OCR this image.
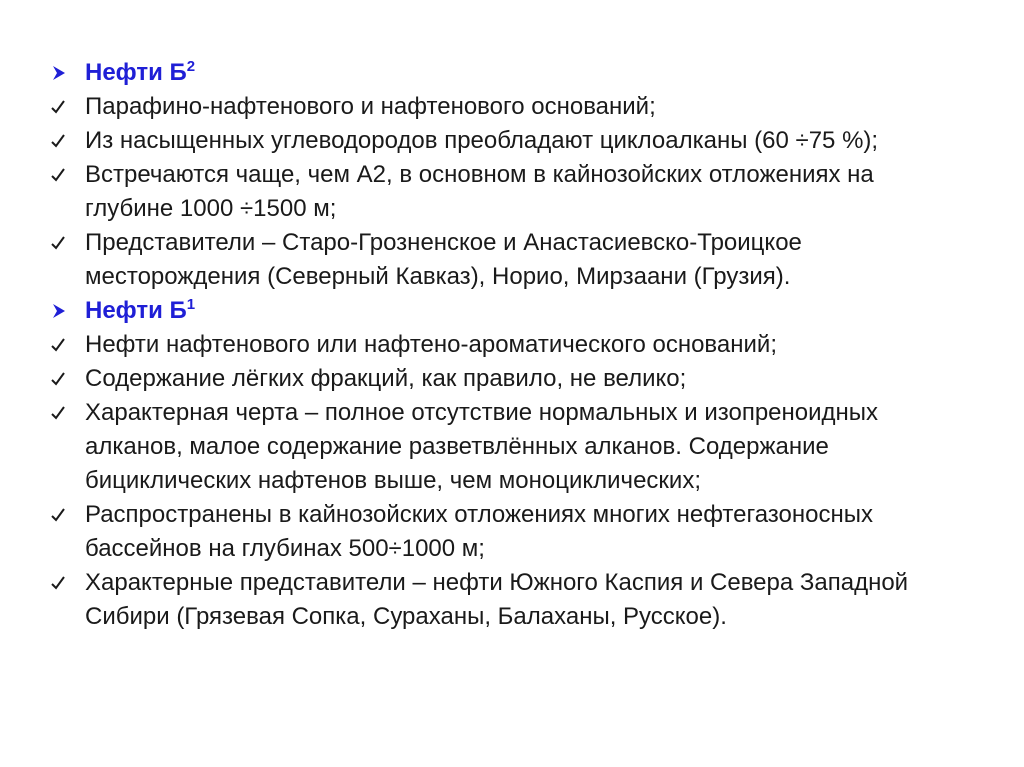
Нефти $Б^2$
Парафино-нафтенового и нафтенового оснований;
Из насыщенных углеводородов преобладают циклоалканы (60 ÷75 %);
Встречаются чаще, чем А2, в основном в кайнозойских отложениях на глубине 1000 ÷1500 м;
Представители – Старо-Грозненское и Анастасиевско-Троицкое месторождения (Северный Кавказ), Норио, Мирзаани (Грузия).
Нефти $Б^1$
Нефти нафтенового или нафтено-ароматического оснований;
Содержание лёгких фракций, как правило, не велико;
Характерная черта – полное отсутствие нормальных и изопреноидных алканов, малое содержание разветвлённых алканов. Содержание бициклических нафтенов выше, чем моноциклических;
Распространены в кайнозойских отложениях многих нефтегазоносных бассейнов на глубинах 500÷1000 м;
Характерные представители – нефти Южного Каспия и Севера Западной Сибири (Грязевая Сопка, Сураханы, Балаханы, Русское).
